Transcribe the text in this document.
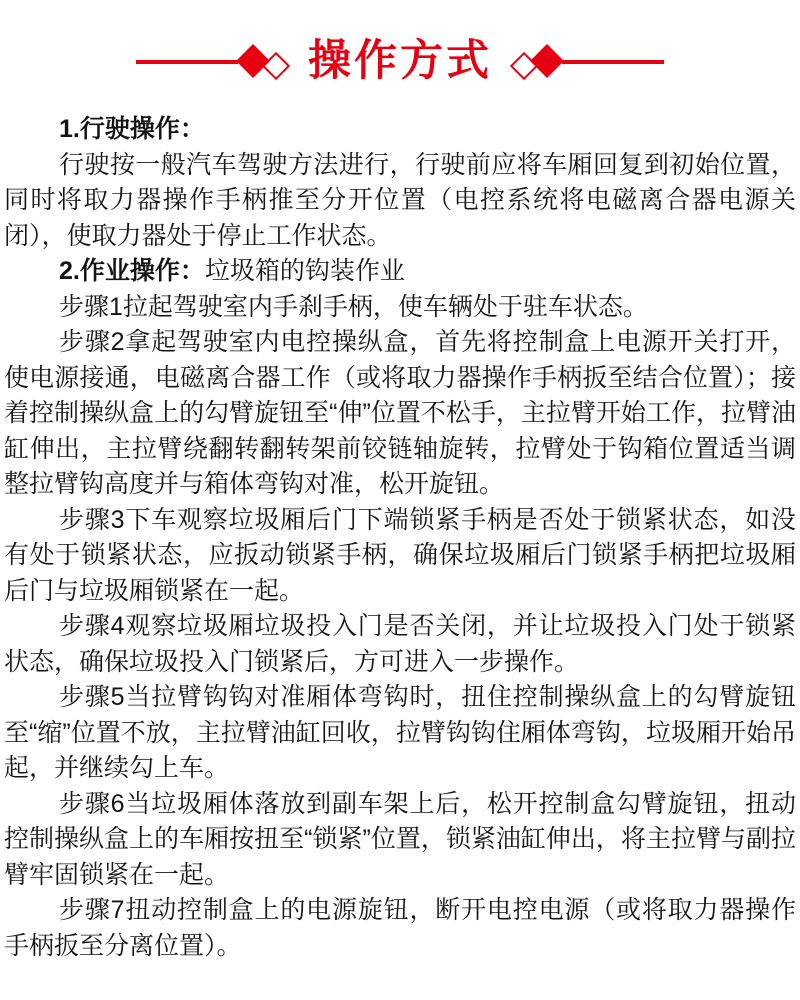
操作方式

1.行驶操作：

行驶按一般汽车驾驶方法进行，行驶前应将车厢回复到初始位置，同时将取力器操作手柄推至分开位置（电控系统将电磁离合器电源关闭），使取力器处于停止工作状态。

2.作业操作：垃圾箱的钩装作业

步骤1拉起驾驶室内手刹手柄，使车辆处于驻车状态。

步骤2拿起驾驶室内电控操纵盒，首先将控制盒上电源开关打开，使电源接通，电磁离合器工作（或将取力器操作手柄扳至结合位置）；接着控制操纵盒上的勾臂旋钮至“伸”位置不松手，主拉臂开始工作，拉臂油缸伸出，主拉臂绕翻转翻转架前铰链轴旋转，拉臂处于钩箱位置适当调整拉臂钩高度并与箱体弯钩对准，松开旋钮。

步骤3下车观察垃圾厢后门下端锁紧手柄是否处于锁紧状态，如没有处于锁紧状态，应扳动锁紧手柄，确保垃圾厢后门锁紧手柄把垃圾厢后门与垃圾厢锁紧在一起。

步骤4观察垃圾厢垃圾投入门是否关闭，并让垃圾投入门处于锁紧状态，确保垃圾投入门锁紧后，方可进入一步操作。

步骤5当拉臂钩钩对准厢体弯钩时，扭住控制操纵盒上的勾臂旋钮至“缩”位置不放，主拉臂油缸回收，拉臂钩钩住厢体弯钩，垃圾厢开始吊起，并继续勾上车。

步骤6当垃圾厢体落放到副车架上后，松开控制盒勾臂旋钮，扭动控制操纵盒上的车厢按扭至“锁紧”位置，锁紧油缸伸出，将主拉臂与副拉臂牢固锁紧在一起。

步骤7扭动控制盒上的电源旋钮，断开电控电源（或将取力器操作手柄扳至分离位置）。
